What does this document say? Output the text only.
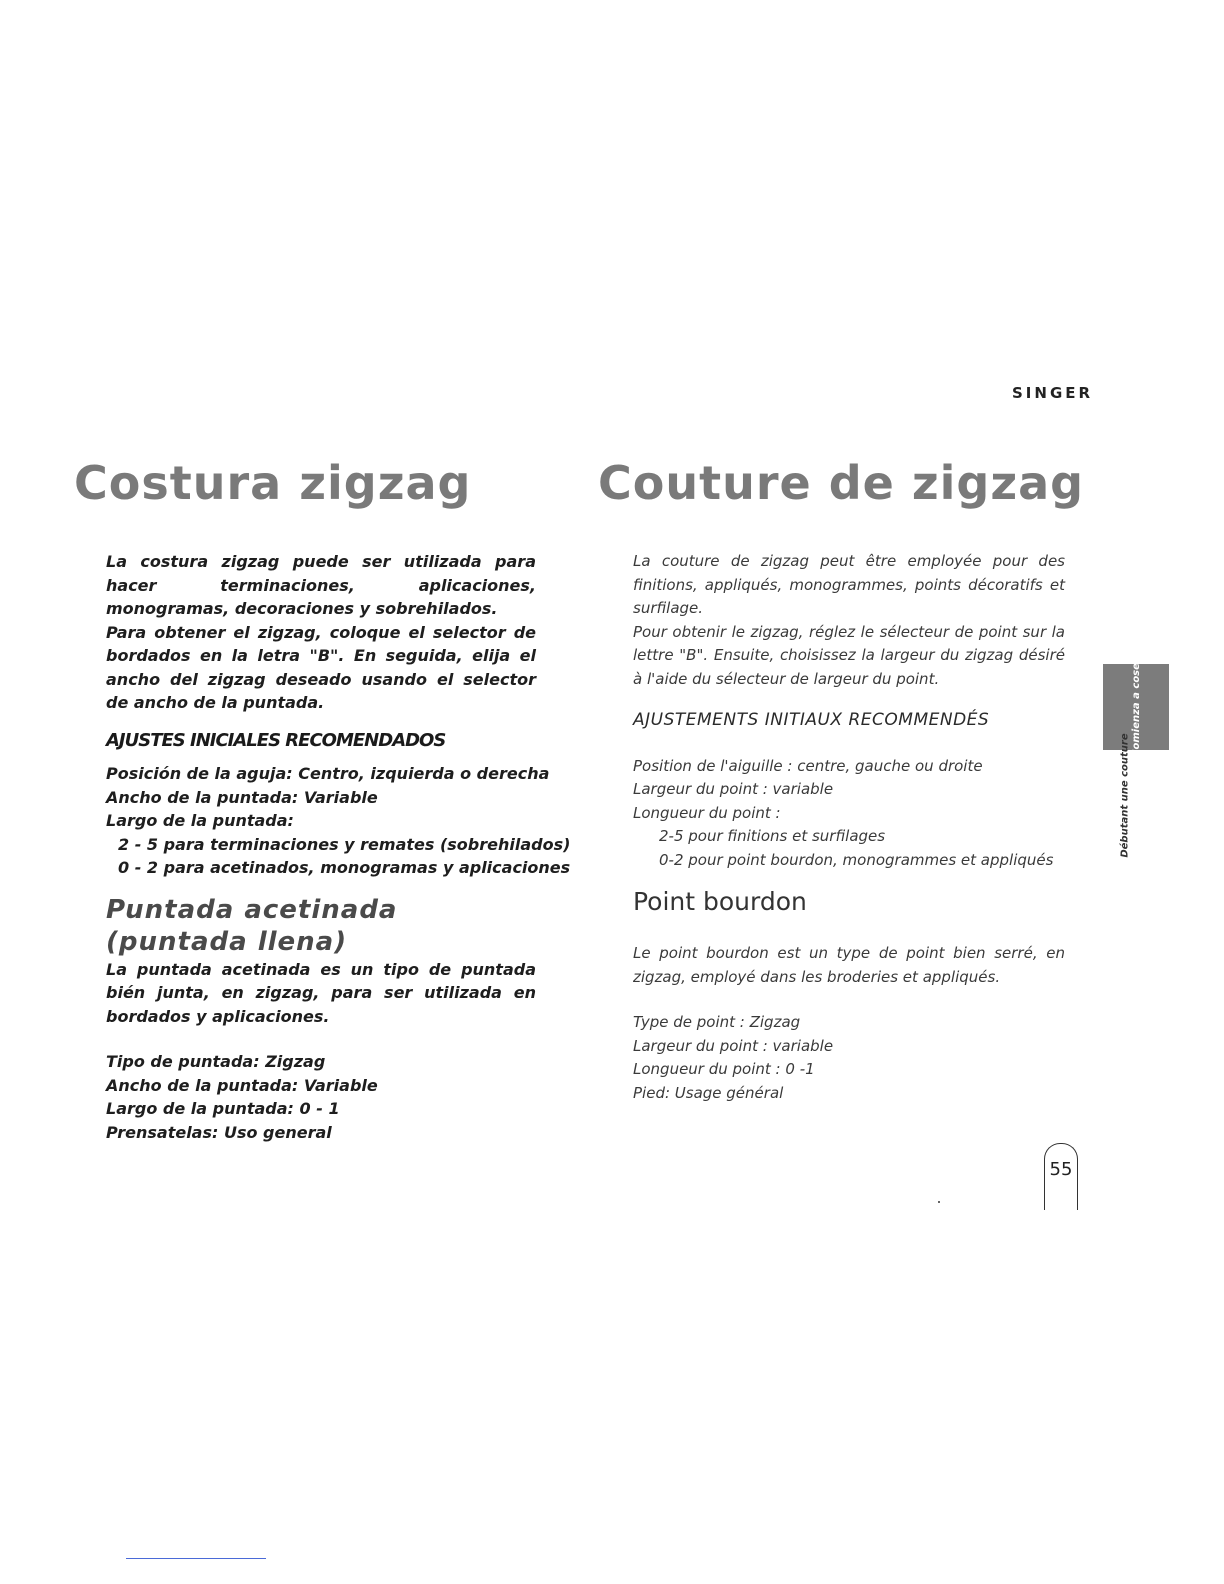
SINGER
Costura zigzag	Couture de zigzag

La costura zigzag puede ser utilizada para hacer terminaciones, aplicaciones, monogramas, decoraciones y sobrehilados.

Para obtener el zigzag, coloque el selector de bordados en la letra "B". En seguida, elija el ancho del zigzag deseado usando el selector de ancho de la puntada.

AJUSTES INICIALES RECOMENDADOS
Posición de la aguja: Centro, izquierda o derecha
Ancho de la puntada: Variable
Largo de la puntada:
2 - 5 para terminaciones y remates (sobrehilados)
0 - 2 para acetinados, monogramas y aplicaciones
Puntada acetinada (puntada llena)

La puntada acetinada es un tipo de puntada bién junta, en zigzag, para ser utilizada en bordados y aplicaciones.

Tipo de puntada: Zigzag
Ancho de la puntada: Variable
Largo de la puntada: 0 - 1
Prensatelas: Uso general

La couture de zigzag peut être employée pour des finitions, appliqués, monogrammes, points décoratifs et surfilage.

Pour obtenir le zigzag, réglez le sélecteur de point sur la lettre "B". Ensuite, choisissez la largeur du zigzag désiré à l'aide du sélecteur de largeur du point.

AJUSTEMENTS INITIAUX RECOMMENDÉS
Position de l'aiguille : centre, gauche ou droite
Largeur du point : variable
Longueur du point :
2-5 pour finitions et surfilages
0-2 pour point bourdon, monogrammes et appliqués
Point bourdon

Le point bourdon est un type de point bien serré, en zigzag, employé dans les broderies et appliqués.

Type de point : Zigzag
Largeur du point : variable
Longueur du point : 0 -1
Pied: Usage général
Comienza a coser
Débutant une couture
55
